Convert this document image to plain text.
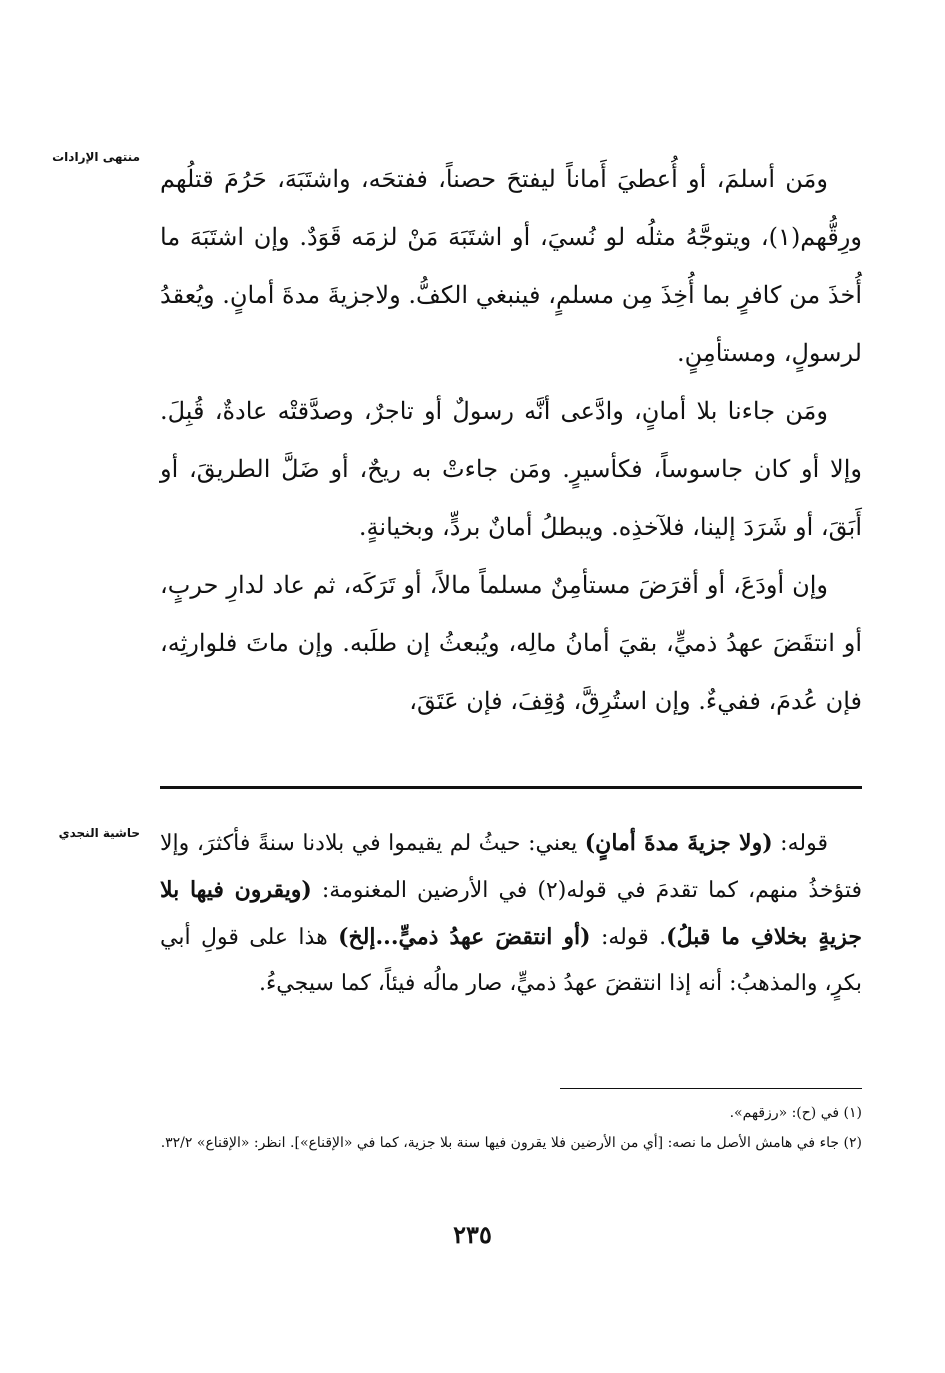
منتهى الإرادات

ومَن أسلمَ، أو أُعطيَ أَماناً ليفتحَ حصناً، ففتحَه، واشتَبَهَ، حَرُمَ قتلُهم ورِقُّهم(١)، ويتوجَّهُ مثلُه لو نُسيَ، أو اشتَبَهَ مَنْ لزمَه قَوَدٌ. وإن اشتَبَهَ ما أُخذَ من كافرٍ بما أُخِذَ مِن مسلمٍ، فينبغي الكفُّ. ولاجزيةَ مدةَ أمانٍ. ويُعقدُ لرسولٍ، ومستأمِنٍ.

ومَن جاءنا بلا أمانٍ، وادَّعى أنَّه رسولٌ أو تاجرٌ، وصدَّقتْه عادةٌ، قُبِلَ. وإلا أو كان جاسوساً، فكأسيرٍ. ومَن جاءتْ به ريحٌ، أو ضَلَّ الطريقَ، أو أَبَقَ، أو شَرَدَ إلينا، فلآخذِه. ويبطلُ أمانٌ بردٍّ، وبخيانةٍ.

وإن أودَعَ، أو أقرَضَ مستأمِنٌ مسلماً مالاً، أو تَرَكَه، ثم عاد لدارِ حربٍ، أو انتقَضَ عهدُ ذميٍّ، بقيَ أمانُ مالِه، ويُبعثُ إن طلَبه. وإن ماتَ فلوارثِه، فإن عُدمَ، ففيءٌ. وإن استُرِقَّ، وُقِفَ، فإن عَتَقَ،

حاشية النجدي	قوله: (ولا جزيةَ مدةَ أمانٍ) يعني: حيثُ لم يقيموا في بلادنا سنةً فأكثرَ، وإلا فتؤخذُ منهم، كما تقدمَ في قوله(٢) في الأرضين المغنومة: (ويقرون فيها بلا جزيةٍ بخلافِ ما قبلُ). قوله: (أو انتقضَ عهدُ ذميٍّ...إلخ) هذا على قولِ أبي بكرٍ، والمذهبُ: أنه إذا انتقضَ عهدُ ذميٍّ، صار مالُه فيئاً، كما سيجيءُ.

(١) في (ح): «رزقهم».

(٢) جاء في هامش الأصل ما نصه: [أي من الأرضين فلا يقرون فيها سنة بلا جزية، كما في «الإقناع»]. انظر: «الإقناع» ٣٢/٢.

٢٣٥
